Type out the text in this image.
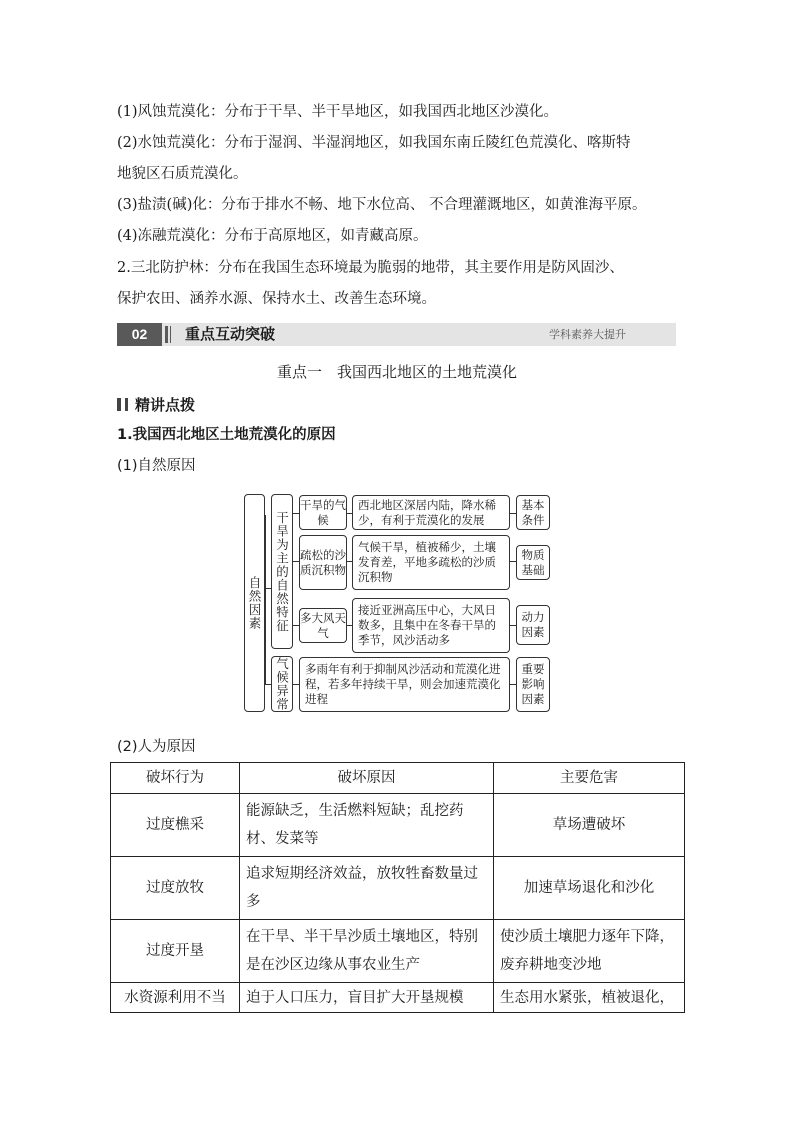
(1)风蚀荒漠化：分布于干旱、半干旱地区，如我国西北地区沙漠化。
(2)水蚀荒漠化：分布于湿润、半湿润地区，如我国东南丘陵红色荒漠化、喀斯特
地貌区石质荒漠化。
(3)盐渍(碱)化：分布于排水不畅、地下水位高、 不合理灌溉地区，如黄淮海平原。
(4)冻融荒漠化：分布于高原地区，如青藏高原。
2.三北防护林：分布在我国生态环境最为脆弱的地带，其主要作用是防风固沙、
保护农田、涵养水源、保持水土、改善生态环境。
02	重点互动突破	学科素养大提升
重点一　我国西北地区的土地荒漠化
精讲点拨
1.我国西北地区土地荒漠化的原因
(1)自然原因
自然因素 干旱为主的自然特征
气候异常
干旱的气候
疏松的沙质沉积物
多大风天气
西北地区深居内陆，降水稀少，有利于荒漠化的发展
气候干旱，植被稀少，土壤发育差，平地多疏松的沙质沉积物
接近亚洲高压中心，大风日数多，且集中在冬春干旱的季节，风沙活动多
多雨年有利于抑制风沙活动和荒漠化进程，若多年持续干旱，则会加速荒漠化进程
基本条件
物质基础
动力因素
重要影响因素
(2)人为原因
破坏行为	破坏原因	主要危害
过度樵采	能源缺乏，生活燃料短缺；乱挖药材、发菜等	草场遭破坏
过度放牧	追求短期经济效益，放牧牲畜数量过多	加速草场退化和沙化
过度开垦	在干旱、半干旱沙质土壤地区，特别是在沙区边缘从事农业生产	使沙质土壤肥力逐年下降，废弃耕地变沙地
水资源利用不当	迫于人口压力，盲目扩大开垦规模	生态用水紧张，植被退化，
